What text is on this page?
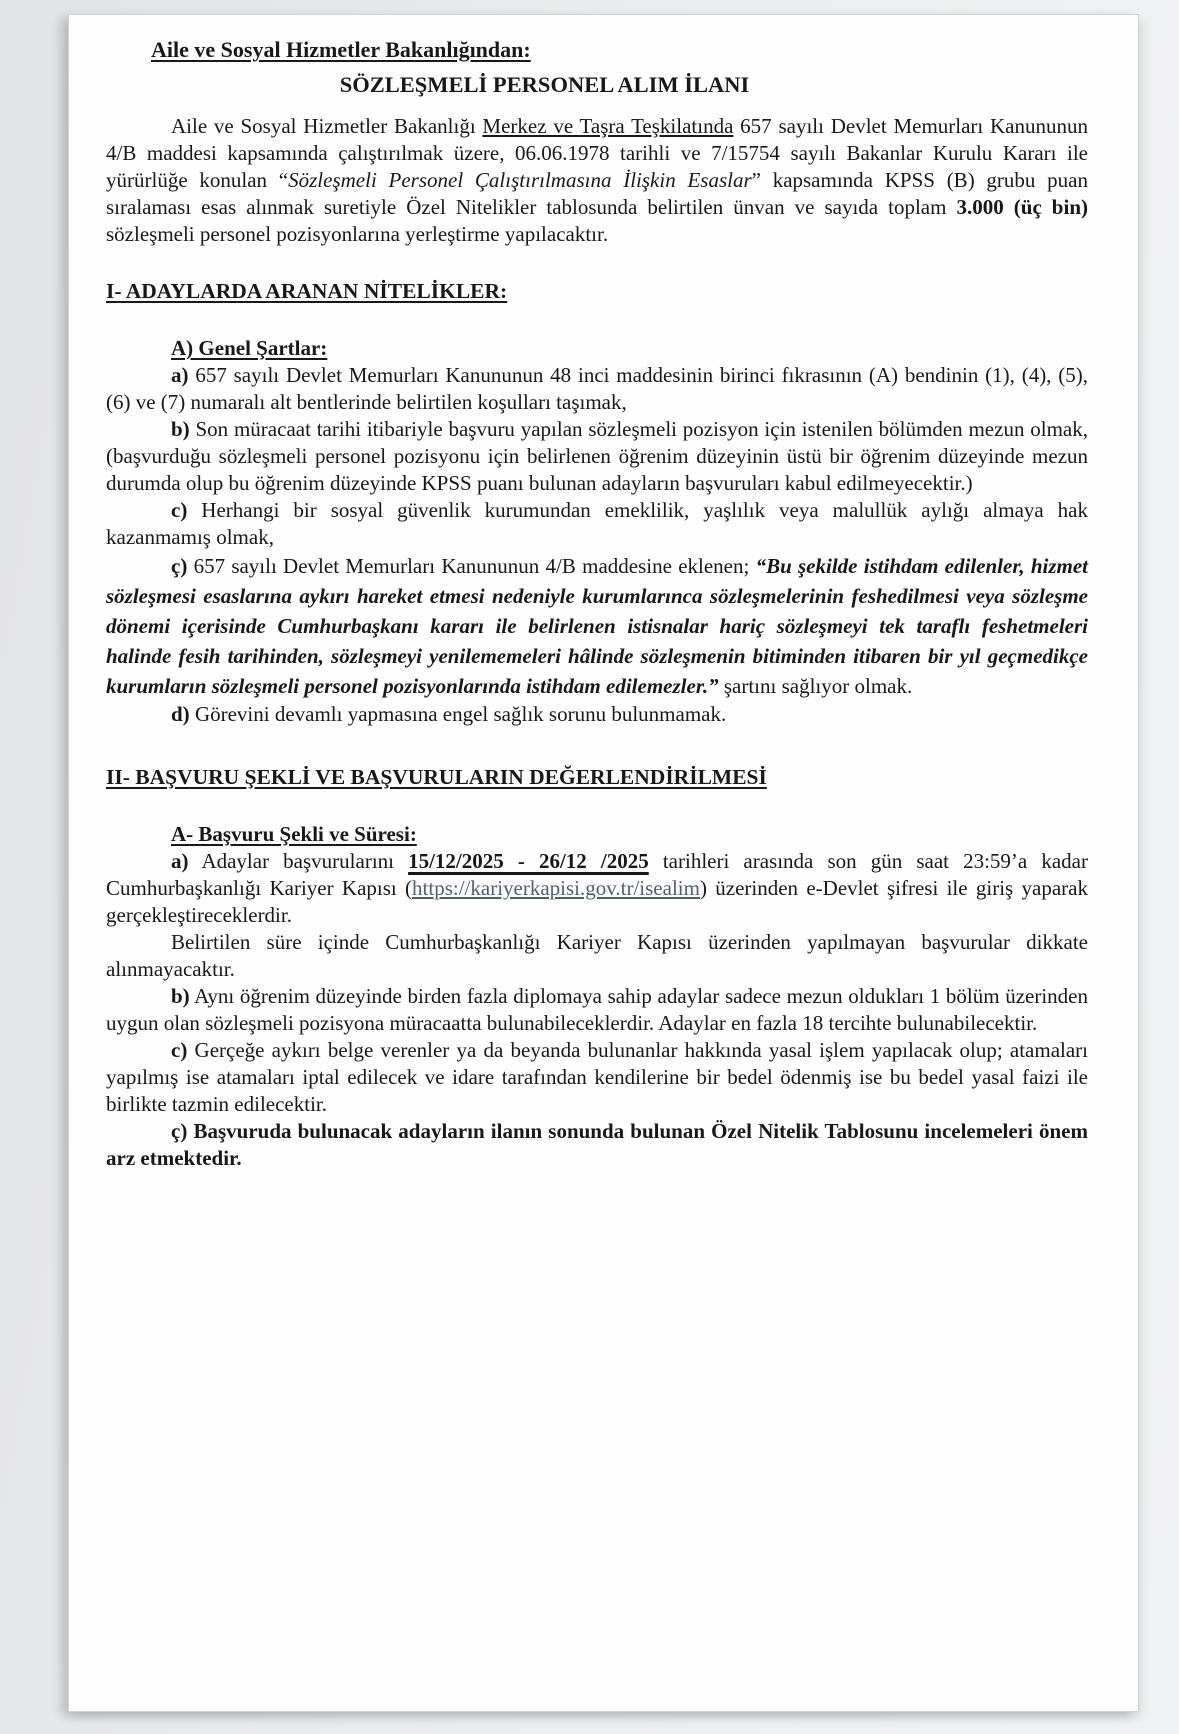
Aile ve Sosyal Hizmetler Bakanlığından:
SÖZLEŞMELİ PERSONEL ALIM İLANI

Aile ve Sosyal Hizmetler Bakanlığı Merkez ve Taşra Teşkilatında 657 sayılı Devlet Memurları Kanununun 4/B maddesi kapsamında çalıştırılmak üzere, 06.06.1978 tarihli ve 7/15754 sayılı Bakanlar Kurulu Kararı ile yürürlüğe konulan “Sözleşmeli Personel Çalıştırılmasına İlişkin Esaslar” kapsamında KPSS (B) grubu puan sıralaması esas alınmak suretiyle Özel Nitelikler tablosunda belirtilen ünvan ve sayıda toplam 3.000 (üç bin) sözleşmeli personel pozisyonlarına yerleştirme yapılacaktır.

I- ADAYLARDA ARANAN NİTELİKLER:
A) Genel Şartlar:

a) 657 sayılı Devlet Memurları Kanununun 48 inci maddesinin birinci fıkrasının (A) bendinin (1), (4), (5), (6) ve (7) numaralı alt bentlerinde belirtilen koşulları taşımak,

b) Son müracaat tarihi itibariyle başvuru yapılan sözleşmeli pozisyon için istenilen bölümden mezun olmak, (başvurduğu sözleşmeli personel pozisyonu için belirlenen öğrenim düzeyinin üstü bir öğrenim düzeyinde mezun durumda olup bu öğrenim düzeyinde KPSS puanı bulunan adayların başvuruları kabul edilmeyecektir.)

c) Herhangi bir sosyal güvenlik kurumundan emeklilik, yaşlılık veya malullük aylığı almaya hak kazanmamış olmak,

ç) 657 sayılı Devlet Memurları Kanununun 4/B maddesine eklenen; “Bu şekilde istihdam edilenler, hizmet sözleşmesi esaslarına aykırı hareket etmesi nedeniyle kurumlarınca sözleşmelerinin feshedilmesi veya sözleşme dönemi içerisinde Cumhurbaşkanı kararı ile belirlenen istisnalar hariç sözleşmeyi tek taraflı feshetmeleri halinde fesih tarihinden, sözleşmeyi yenilememeleri hâlinde sözleşmenin bitiminden itibaren bir yıl geçmedikçe kurumların sözleşmeli personel pozisyonlarında istihdam edilemezler.” şartını sağlıyor olmak.

d) Görevini devamlı yapmasına engel sağlık sorunu bulunmamak.

II- BAŞVURU ŞEKLİ VE BAŞVURULARIN DEĞERLENDİRİLMESİ
A- Başvuru Şekli ve Süresi:

a) Adaylar başvurularını 15/12/2025 - 26/12 /2025 tarihleri arasında son gün saat 23:59’a kadar Cumhurbaşkanlığı Kariyer Kapısı (https://kariyerkapisi.gov.tr/isealim) üzerinden e-Devlet şifresi ile giriş yaparak gerçekleştireceklerdir.

Belirtilen süre içinde Cumhurbaşkanlığı Kariyer Kapısı üzerinden yapılmayan başvurular dikkate alınmayacaktır.

b) Aynı öğrenim düzeyinde birden fazla diplomaya sahip adaylar sadece mezun oldukları 1 bölüm üzerinden uygun olan sözleşmeli pozisyona müracaatta bulunabileceklerdir. Adaylar en fazla 18 tercihte bulunabilecektir.

c) Gerçeğe aykırı belge verenler ya da beyanda bulunanlar hakkında yasal işlem yapılacak olup; atamaları yapılmış ise atamaları iptal edilecek ve idare tarafından kendilerine bir bedel ödenmiş ise bu bedel yasal faizi ile birlikte tazmin edilecektir.

ç) Başvuruda bulunacak adayların ilanın sonunda bulunan Özel Nitelik Tablosunu incelemeleri önem arz etmektedir.
